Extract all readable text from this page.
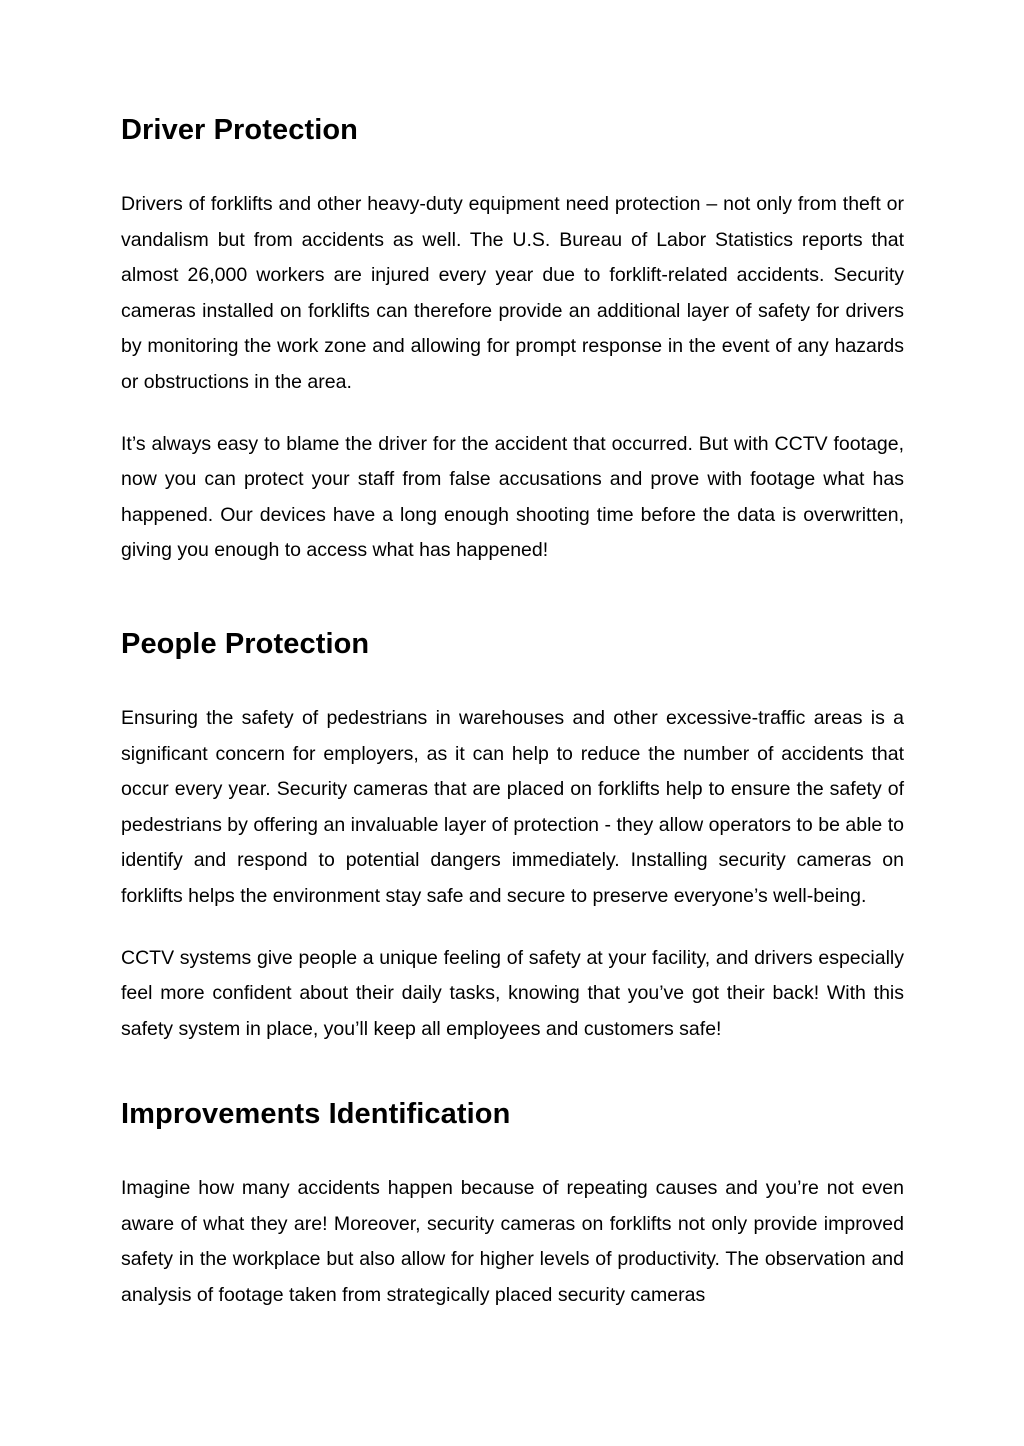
Driver Protection

Drivers of forklifts and other heavy-duty equipment need protection – not only from theft or vandalism but from accidents as well. The U.S. Bureau of Labor Statistics reports that almost 26,000 workers are injured every year due to forklift-related accidents. Security cameras installed on forklifts can therefore provide an additional layer of safety for drivers by monitoring the work zone and allowing for prompt response in the event of any hazards or obstructions in the area.

It’s always easy to blame the driver for the accident that occurred. But with CCTV footage, now you can protect your staff from false accusations and prove with footage what has happened. Our devices have a long enough shooting time before the data is overwritten, giving you enough to access what has happened!

People Protection

Ensuring the safety of pedestrians in warehouses and other excessive-traffic areas is a significant concern for employers, as it can help to reduce the number of accidents that occur every year. Security cameras that are placed on forklifts help to ensure the safety of pedestrians by offering an invaluable layer of protection - they allow operators to be able to identify and respond to potential dangers immediately. Installing security cameras on forklifts helps the environment stay safe and secure to preserve everyone’s well-being.

CCTV systems give people a unique feeling of safety at your facility, and drivers especially feel more confident about their daily tasks, knowing that you’ve got their back! With this safety system in place, you’ll keep all employees and customers safe!

Improvements Identification

Imagine how many accidents happen because of repeating causes and you’re not even aware of what they are! Moreover, security cameras on forklifts not only provide improved safety in the workplace but also allow for higher levels of productivity. The observation and analysis of footage taken from strategically placed security cameras
